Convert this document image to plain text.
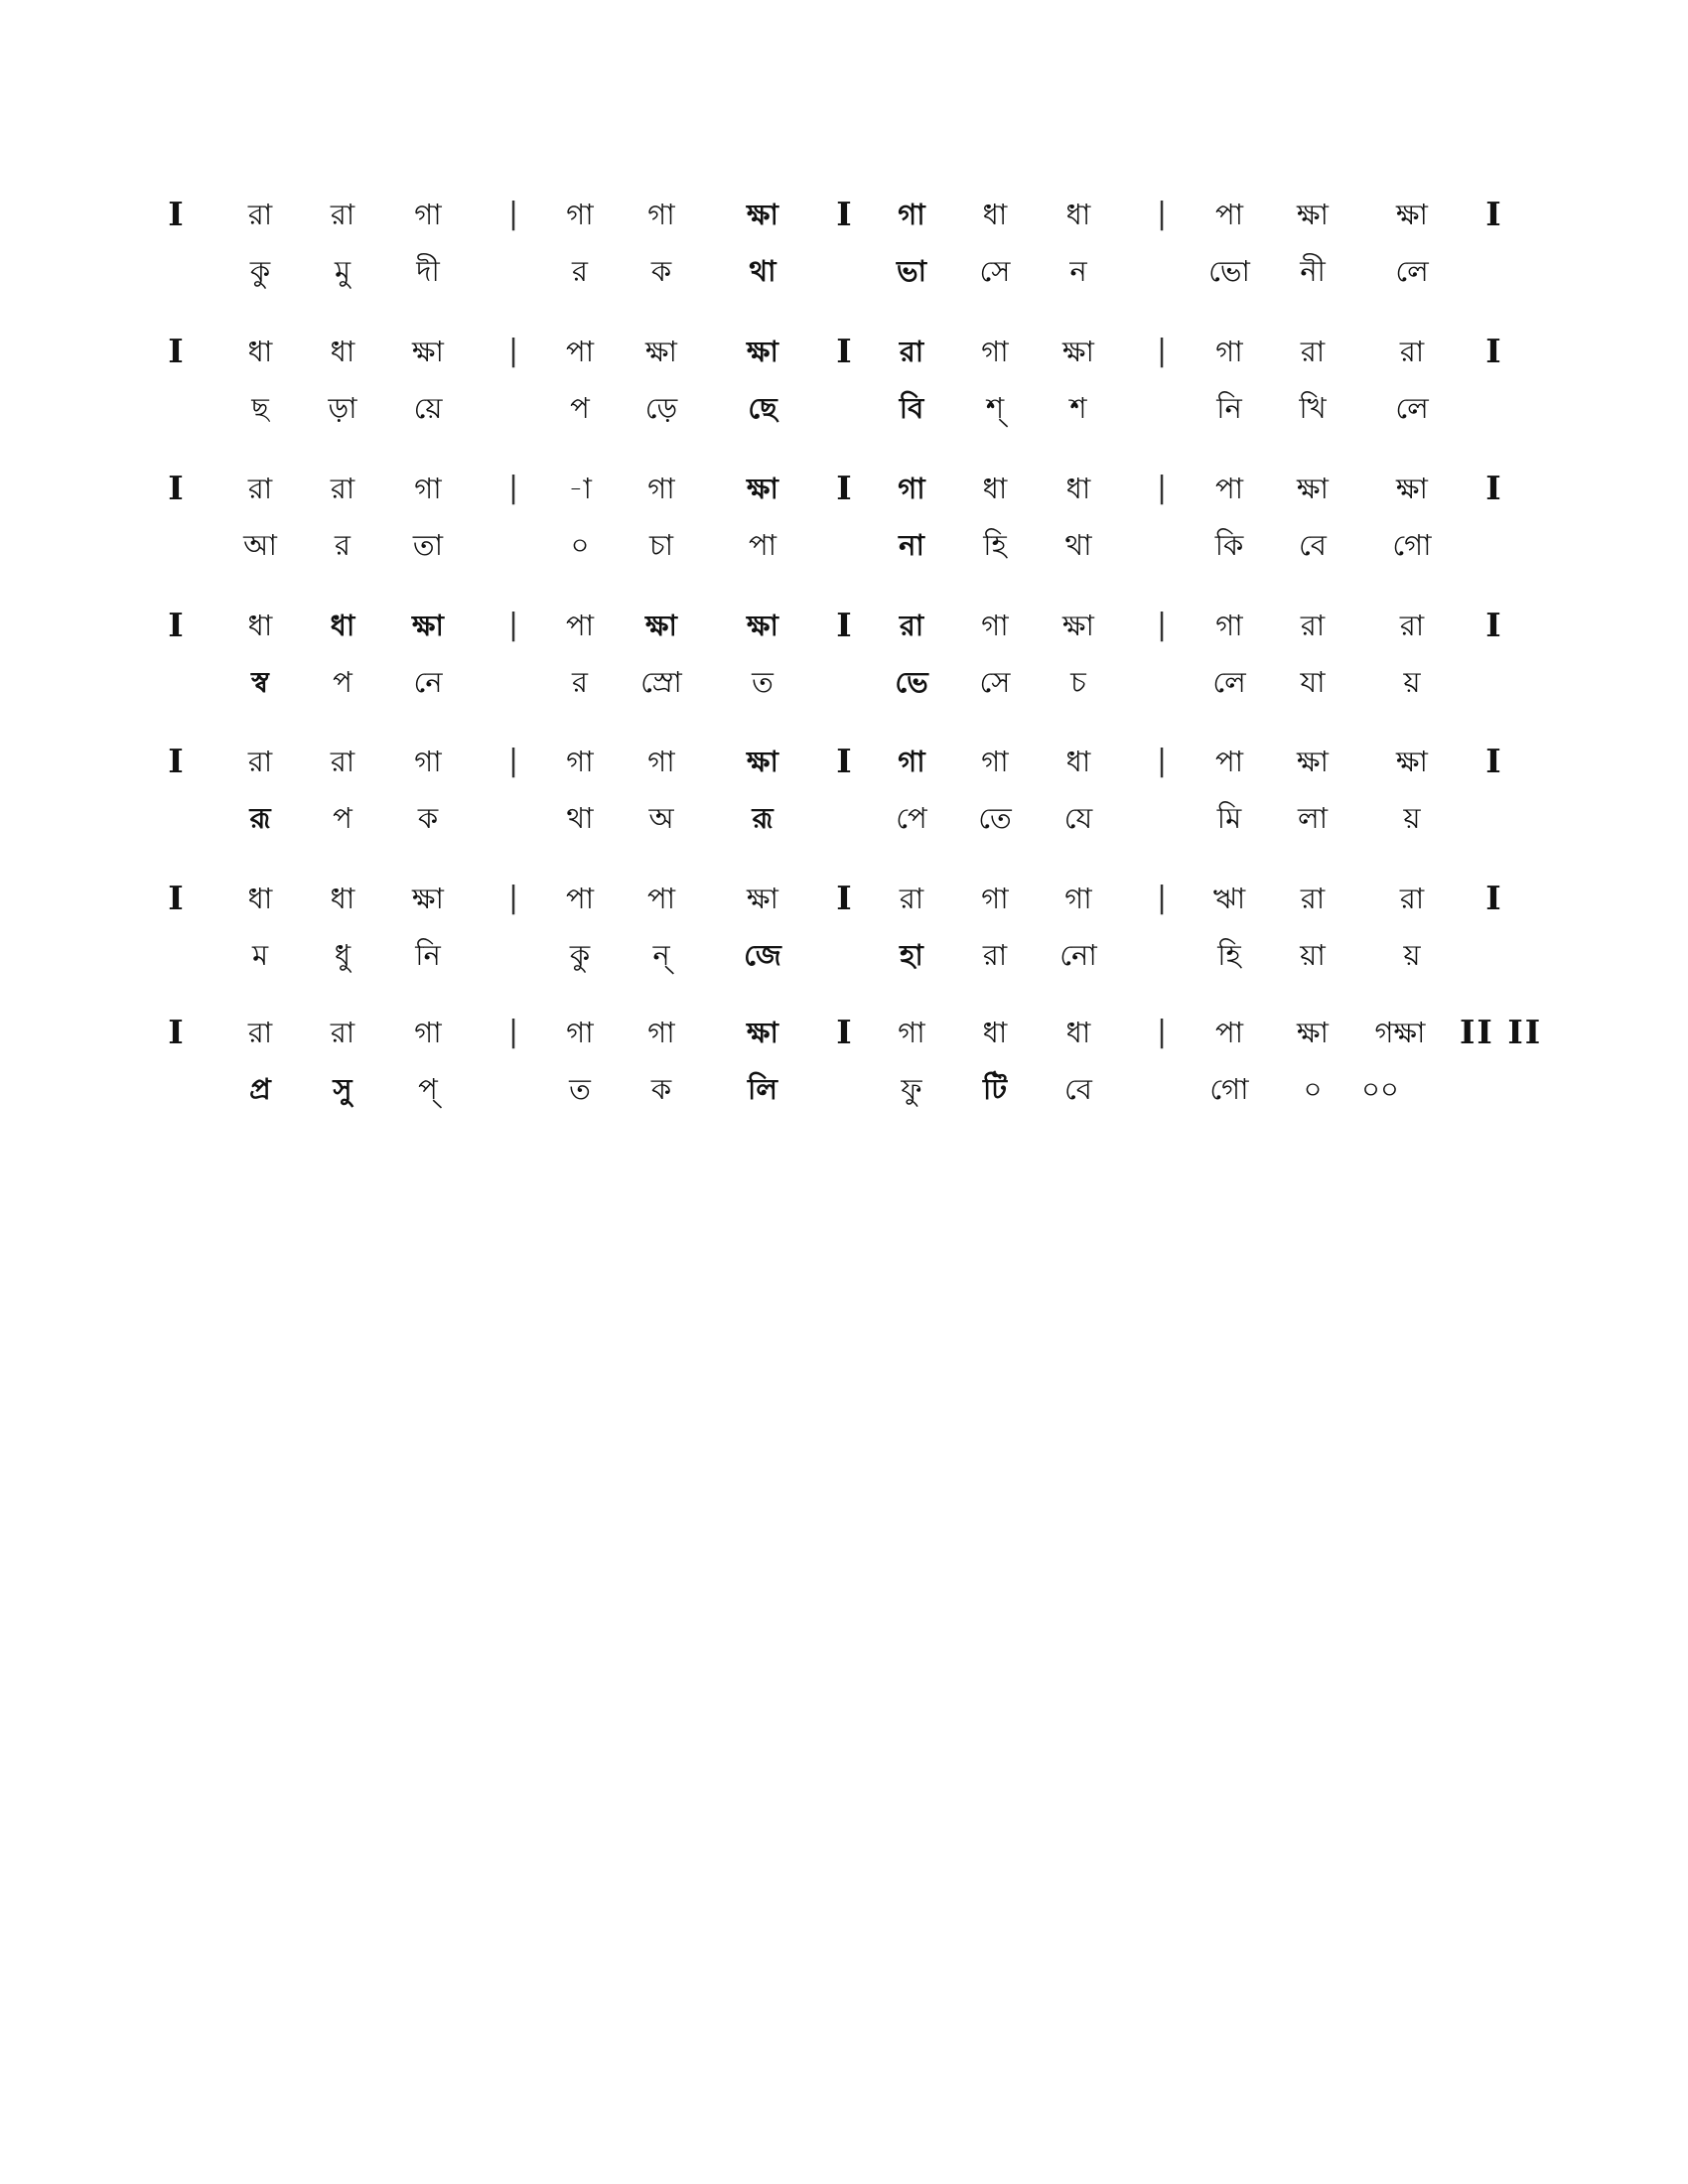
I রা রা গা | গা গা ক্ষা I গা ধা ধা | পা ক্ষা ক্ষা I
কু মু দী	র ক	থা	ভা সে ন	ভো নী লে
I ধা ধা ক্ষা | পা ক্ষা ক্ষা I রা গা ক্ষা | গা রা	রা I
ছ ড়া য়ে	প ড়ে ছে	বি শ্ শ	নি খি লে
I রা রা গা | -া গা ক্ষা I গা ধা ধা | পা ক্ষা ক্ষা I
আ র তা	০ চা	পা	না হি থা	কি বে গো
I ধা ধা ক্ষা | পা ক্ষা ক্ষা I রা গা ক্ষা | গা রা	রা I
স্ব প নে	র স্রো ত	ভে সে চ	লে যা	য়
I রা রা গা | গা গা ক্ষা I গা গা ধা | পা ক্ষা ক্ষা I
রূ প ক	থা অ	রূ	পে তে যে	মি লা	য়
I ধা ধা ক্ষা | পা পা ক্ষা I রা গা গা | ঋা রা	রা I
ম ধু নি	কু ন্	জে	হা রা নো	হি য়া	য়
I রা রা গা | গা গা ক্ষা I গা ধা ধা | পা ক্ষা গক্ষা II II
প্র সু প্	ত ক	লি	ফু টি বে	গো ০ ০০
